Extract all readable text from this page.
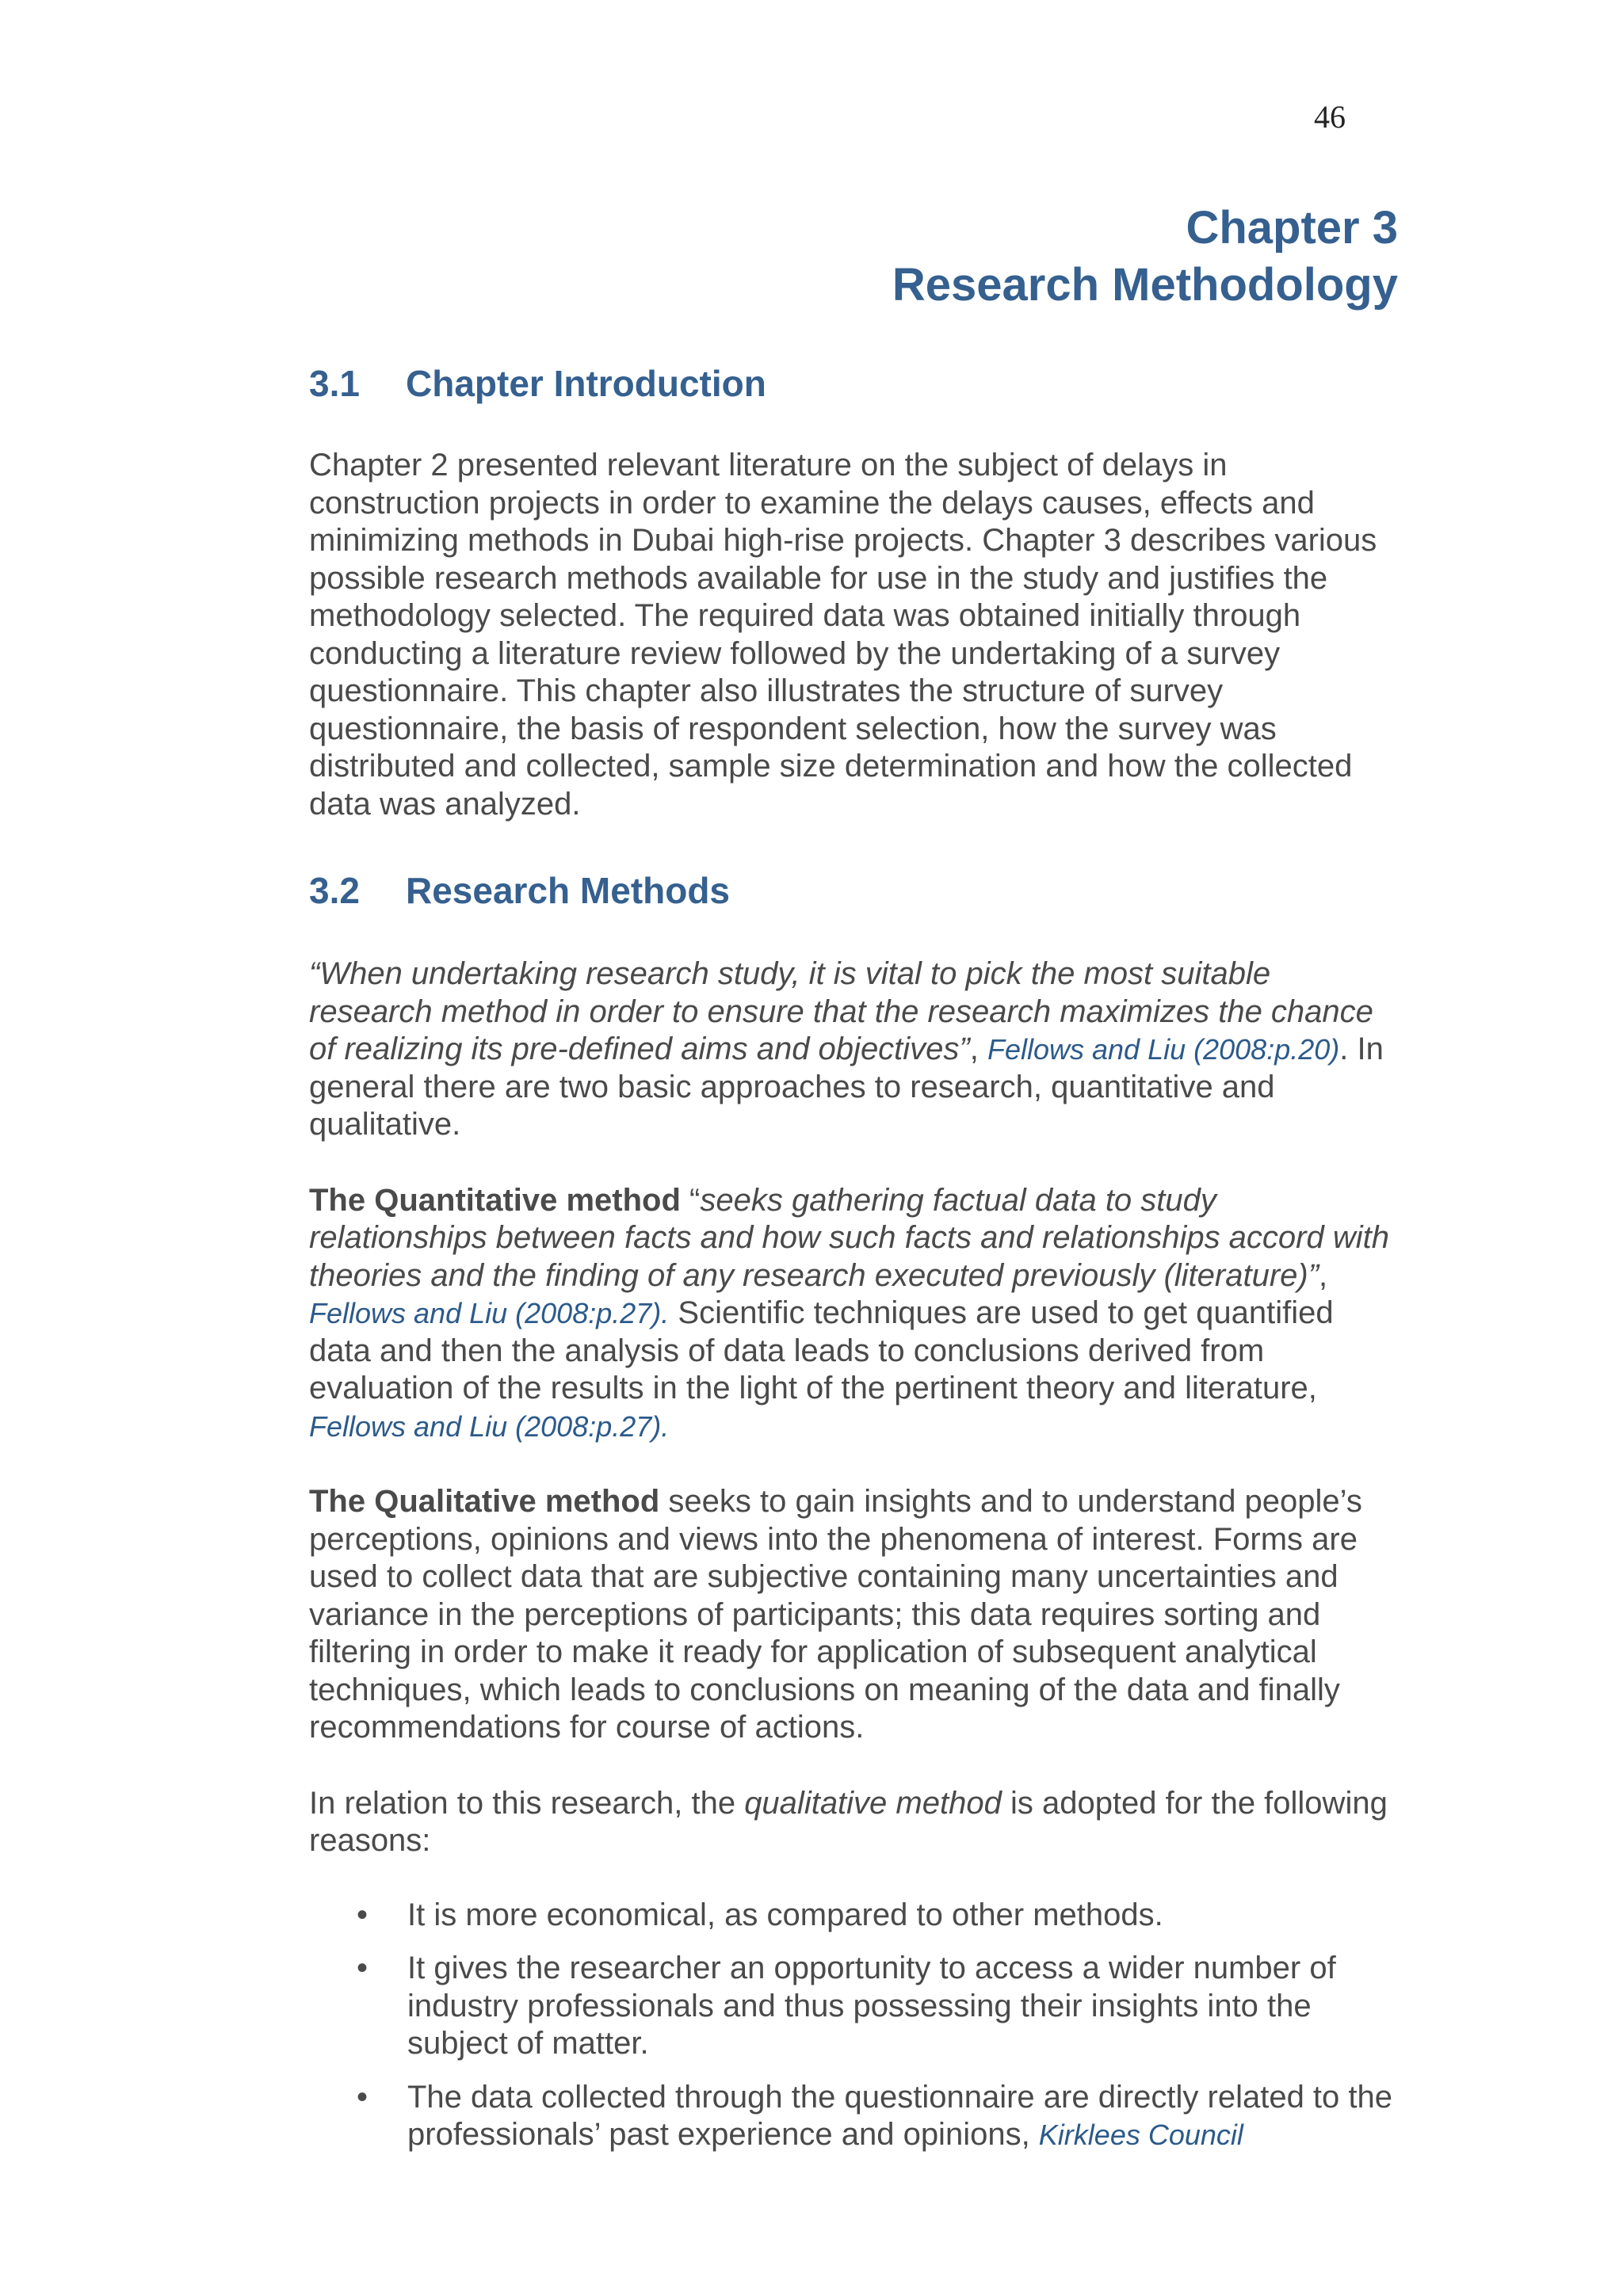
46
Chapter 3
Research Methodology
3.1 Chapter Introduction

Chapter 2 presented relevant literature on the subject of delays in construction projects in order to examine the delays causes, effects and minimizing methods in Dubai high-rise projects. Chapter 3 describes various possible research methods available for use in the study and justifies the methodology selected. The required data was obtained initially through conducting a literature review followed by the undertaking of a survey questionnaire. This chapter also illustrates the structure of survey questionnaire, the basis of respondent selection, how the survey was distributed and collected, sample size determination and how the collected data was analyzed.

3.2 Research Methods

“When undertaking research study, it is vital to pick the most suitable research method in order to ensure that the research maximizes the chance of realizing its pre-defined aims and objectives”, Fellows and Liu (2008:p.20). In general there are two basic approaches to research, quantitative and qualitative.

The Quantitative method “seeks gathering factual data to study relationships between facts and how such facts and relationships accord with theories and the finding of any research executed previously (literature)”, Fellows and Liu (2008:p.27). Scientific techniques are used to get quantified data and then the analysis of data leads to conclusions derived from evaluation of the results in the light of the pertinent theory and literature, Fellows and Liu (2008:p.27).

The Qualitative method seeks to gain insights and to understand people’s perceptions, opinions and views into the phenomena of interest. Forms are used to collect data that are subjective containing many uncertainties and variance in the perceptions of participants; this data requires sorting and filtering in order to make it ready for application of subsequent analytical techniques, which leads to conclusions on meaning of the data and finally recommendations for course of actions.

In relation to this research, the qualitative method is adopted for the following reasons:

• It is more economical, as compared to other methods.
• It gives the researcher an opportunity to access a wider number of industry professionals and thus possessing their insights into the subject of matter.
• The data collected through the questionnaire are directly related to the professionals’ past experience and opinions, Kirklees Council
